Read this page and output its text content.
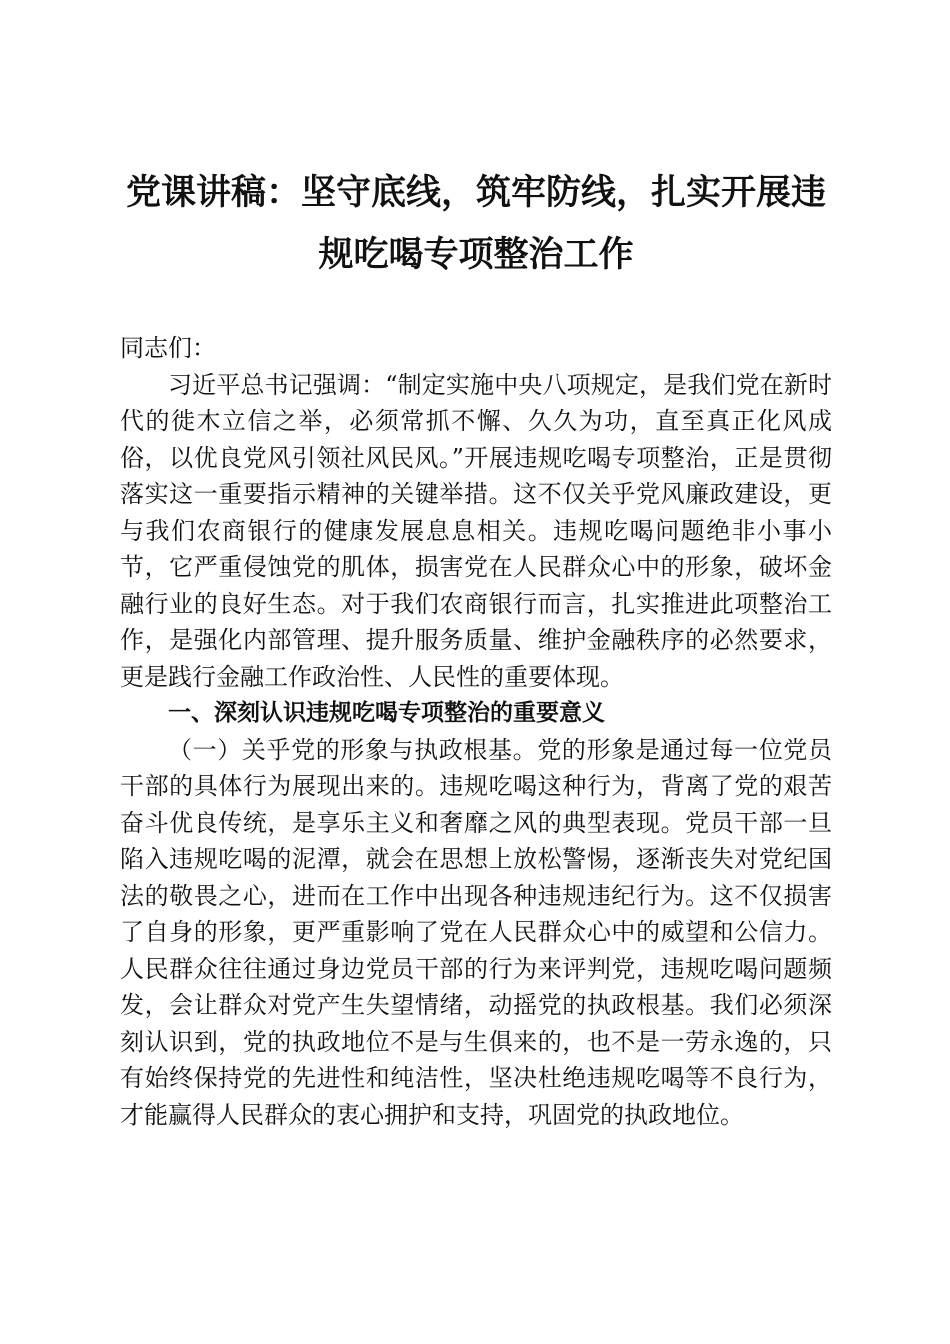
党课讲稿：坚守底线，筑牢防线，扎实开展违
规吃喝专项整治工作

同志们：

习近平总书记强调：“制定实施中央八项规定，是我们党在新时代的徙木立信之举，必须常抓不懈、久久为功，直至真正化风成俗，以优良党风引领社风民风。”开展违规吃喝专项整治，正是贯彻落实这一重要指示精神的关键举措。这不仅关乎党风廉政建设，更与我们农商银行的健康发展息息相关。违规吃喝问题绝非小事小节，它严重侵蚀党的肌体，损害党在人民群众心中的形象，破坏金融行业的良好生态。对于我们农商银行而言，扎实推进此项整治工作，是强化内部管理、提升服务质量、维护金融秩序的必然要求，更是践行金融工作政治性、人民性的重要体现。

一、深刻认识违规吃喝专项整治的重要意义

（一）关乎党的形象与执政根基。党的形象是通过每一位党员干部的具体行为展现出来的。违规吃喝这种行为，背离了党的艰苦奋斗优良传统，是享乐主义和奢靡之风的典型表现。党员干部一旦陷入违规吃喝的泥潭，就会在思想上放松警惕，逐渐丧失对党纪国法的敬畏之心，进而在工作中出现各种违规违纪行为。这不仅损害了自身的形象，更严重影响了党在人民群众心中的威望和公信力。人民群众往往通过身边党员干部的行为来评判党，违规吃喝问题频发，会让群众对党产生失望情绪，动摇党的执政根基。我们必须深刻认识到，党的执政地位不是与生俱来的，也不是一劳永逸的，只有始终保持党的先进性和纯洁性，坚决杜绝违规吃喝等不良行为，才能赢得人民群众的衷心拥护和支持，巩固党的执政地位。
